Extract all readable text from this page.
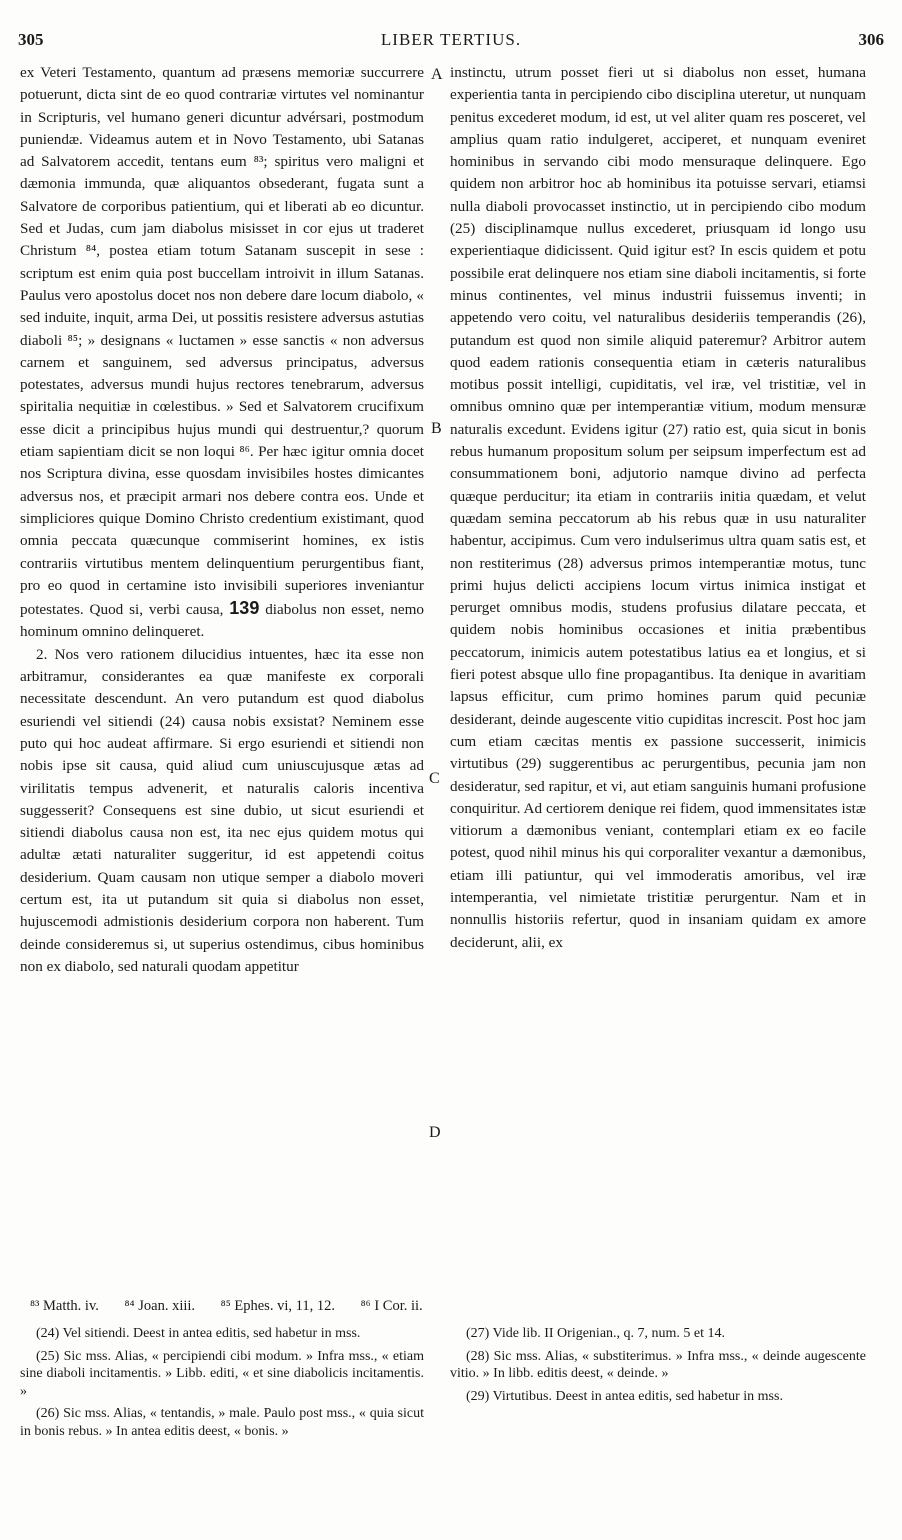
305	LIBER TERTIUS.	306

ex Veteri Testamento, quantum ad præsens memoriæ succurrere potuerunt, dicta sint de eo quod contrariæ virtutes vel nominantur in Scripturis, vel humano generi dicuntur advérsari, postmodum puniendæ. Videamus autem et in Novo Testamento, ubi Satanas ad Salvatorem accedit, tentans eum ⁸³; spiritus vero maligni et dæmonia immunda, quæ aliquantos obsederant, fugata sunt a Salvatore de corporibus patientium, qui et liberati ab eo dicuntur. Sed et Judas, cum jam diabolus misisset in cor ejus ut traderet Christum ⁸⁴, postea etiam totum Satanam suscepit in sese : scriptum est enim quia post buccellam introivit in illum Satanas. Paulus vero apostolus docet nos non debere dare locum diabolo, « sed induite, inquit, arma Dei, ut possitis resistere adversus astutias diaboli ⁸⁵; » designans « luctamen » esse sanctis « non adversus carnem et sanguinem, sed adversus principatus, adversus potestates, adversus mundi hujus rectores tenebrarum, adversus spiritalia nequitiæ in cœlestibus. » Sed et Salvatorem crucifixum esse dicit a principibus hujus mundi qui destruentur,? quorum etiam sapientiam dicit se non loqui ⁸⁶. Per hæc igitur omnia docet nos Scriptura divina, esse quosdam invisibiles hostes dimicantes adversus nos, et præcipit armari nos debere contra eos. Unde et simpliciores quique Domino Christo credentium existimant, quod omnia peccata quæcunque commiserint homines, ex istis contrariis virtutibus mentem delinquentium perurgentibus fiant, pro eo quod in certamine isto invisibili superiores inveniantur potestates. Quod si, verbi causa, 139 diabolus non esset, nemo hominum omnino delinqueret.

2. Nos vero rationem dilucidius intuentes, hæc ita esse non arbitramur, considerantes ea quæ manifeste ex corporali necessitate descendunt. An vero putandum est quod diabolus esuriendi vel sitiendi (24) causa nobis exsistat? Neminem esse puto qui hoc audeat affirmare. Si ergo esuriendi et sitiendi non nobis ipse sit causa, quid aliud cum uniuscujusque ætas ad virilitatis tempus advenerit, et naturalis caloris incentiva suggesserit? Consequens est sine dubio, ut sicut esuriendi et sitiendi diabolus causa non est, ita nec ejus quidem motus qui adultæ ætati naturaliter suggeritur, id est appetendi coitus desiderium. Quam causam non utique semper a diabolo moveri certum est, ita ut putandum sit quia si diabolus non esset, hujuscemodi admistionis desiderium corpora non haberent. Tum deinde consideremus si, ut superius ostendimus, cibus hominibus non ex diabolo, sed naturali quodam appetitur

instinctu, utrum posset fieri ut si diabolus non esset, humana experientia tanta in percipiendo cibo disciplina uteretur, ut nunquam penitus excederet modum, id est, ut vel aliter quam res posceret, vel amplius quam ratio indulgeret, acciperet, et nunquam eveniret hominibus in servando cibi modo mensuraque delinquere. Ego quidem non arbitror hoc ab hominibus ita potuisse servari, etiamsi nulla diaboli provocasset instinctio, ut in percipiendo cibo modum (25) disciplinamque nullus excederet, priusquam id longo usu experientiaque didicissent. Quid igitur est? In escis quidem et potu possibile erat delinquere nos etiam sine diaboli incitamentis, si forte minus continentes, vel minus industrii fuissemus inventi; in appetendo vero coitu, vel naturalibus desideriis temperandis (26), putandum est quod non simile aliquid pateremur? Arbitror autem quod eadem rationis consequentia etiam in cæteris naturalibus motibus possit intelligi, cupiditatis, vel iræ, vel tristitiæ, vel in omnibus omnino quæ per intemperantiæ vitium, modum mensuræ naturalis excedunt. Evidens igitur (27) ratio est, quia sicut in bonis rebus humanum propositum solum per seipsum imperfectum est ad consummationem boni, adjutorio namque divino ad perfecta quæque perducitur; ita etiam in contrariis initia quædam, et velut quædam semina peccatorum ab his rebus quæ in usu naturaliter habentur, accipimus. Cum vero indulserimus ultra quam satis est, et non restiterimus (28) adversus primos intemperantiæ motus, tunc primi hujus delicti accipiens locum virtus inimica instigat et perurget omnibus modis, studens profusius dilatare peccata, et quidem nobis hominibus occasiones et initia præbentibus peccatorum, inimicis autem potestatibus latius ea et longius, et si fieri potest absque ullo fine propagantibus. Ita denique in avaritiam lapsus efficitur, cum primo homines parum quid pecuniæ desiderant, deinde augescente vitio cupiditas increscit. Post hoc jam cum etiam cæcitas mentis ex passione successerit, inimicis virtutibus (29) suggerentibus ac perurgentibus, pecunia jam non desideratur, sed rapitur, et vi, aut etiam sanguinis humani profusione conquiritur. Ad certiorem denique rei fidem, quod immensitates istæ vitiorum a dæmonibus veniant, contemplari etiam ex eo facile potest, quod nihil minus his qui corporaliter vexantur a dæmonibus, etiam illi patiuntur, qui vel immoderatis amoribus, vel iræ intemperantia, vel nimietate tristitiæ perurgentur. Nam et in nonnullis historiis refertur, quod in insaniam quidam ex amore deciderunt, alii, ex

A
B
C
D
⁸³ Matth. iv. ⁸⁴ Joan. xiii. ⁸⁵ Ephes. vi, 11, 12. ⁸⁶ I Cor. ii.

(24) Vel sitiendi. Deest in antea editis, sed habetur in mss.

(25) Sic mss. Alias, « percipiendi cibi modum. » Infra mss., « etiam sine diaboli incitamentis. » Libb. editi, « et sine diabolicis incitamentis. »

(26) Sic mss. Alias, « tentandis, » male. Paulo post mss., « quia sicut in bonis rebus. » In antea editis deest, « bonis. »

(27) Vide lib. II Origenian., q. 7, num. 5 et 14.

(28) Sic mss. Alias, « substiterimus. » Infra mss., « deinde augescente vitio. » In libb. editis deest, « deinde. »

(29) Virtutibus. Deest in antea editis, sed habetur in mss.
